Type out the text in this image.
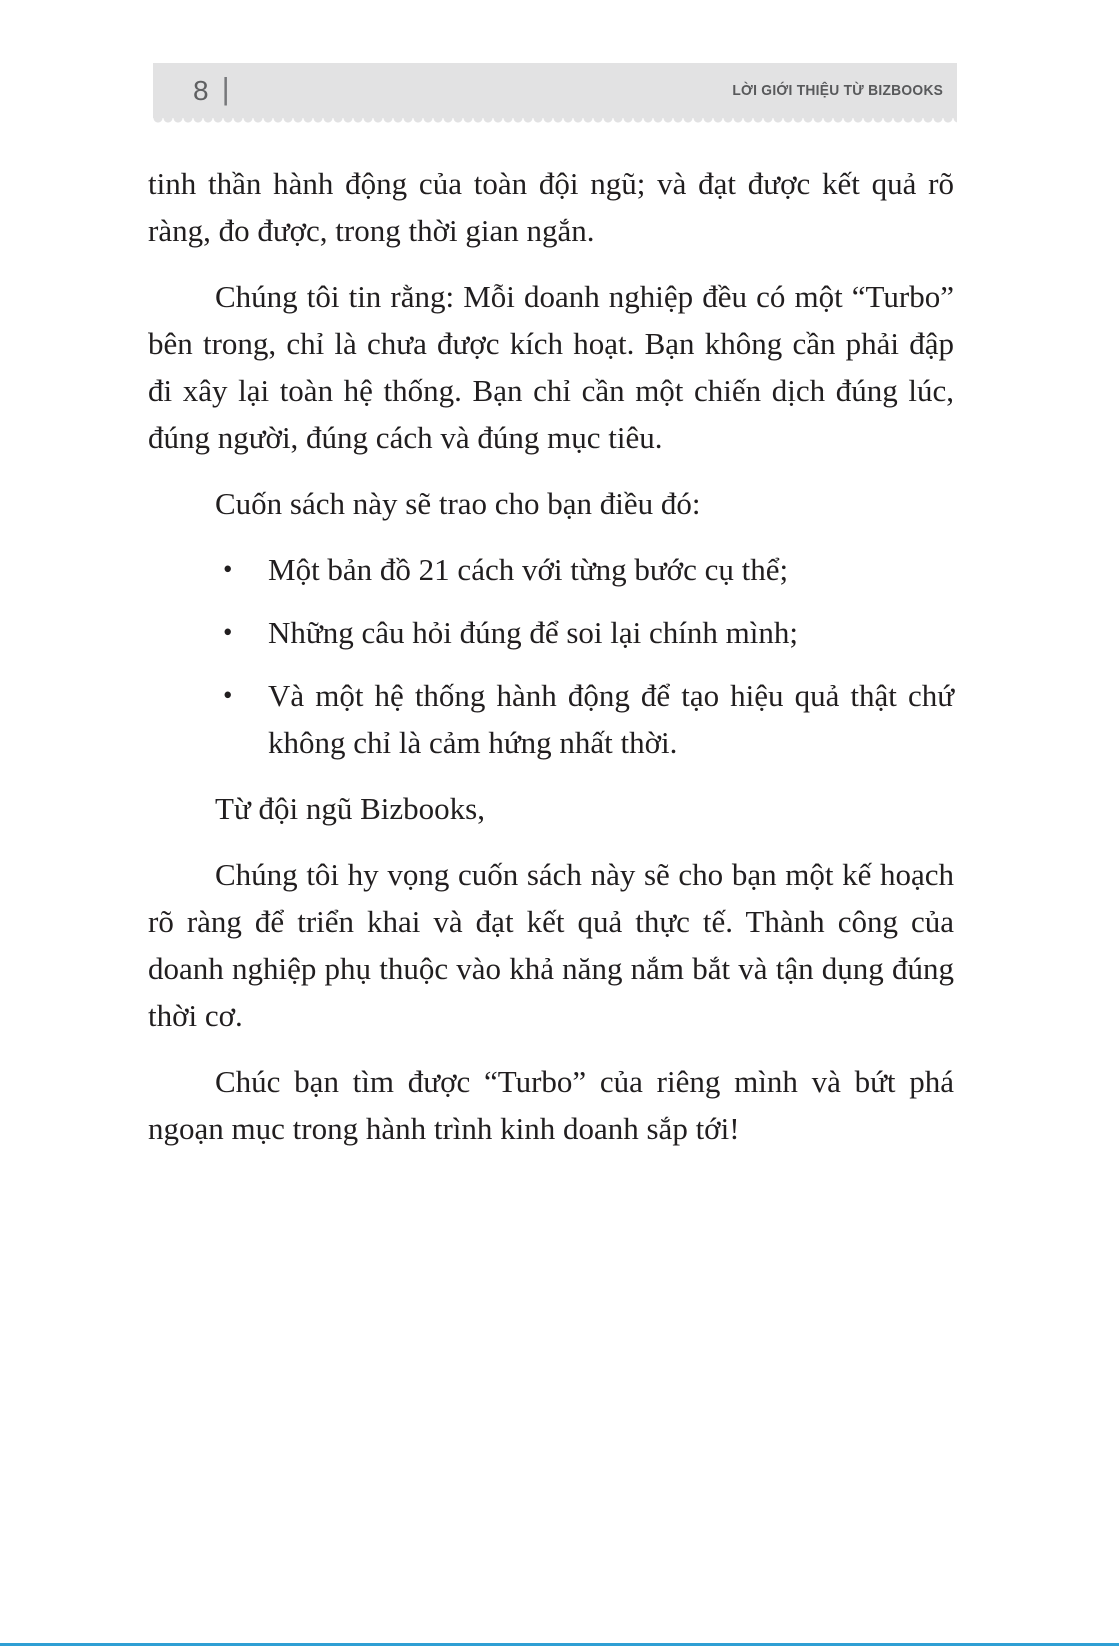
8 |	LỜI GIỚI THIỆU TỪ BIZBOOKS

tinh thần hành động của toàn đội ngũ; và đạt được kết quả rõ ràng, đo được, trong thời gian ngắn.

Chúng tôi tin rằng: Mỗi doanh nghiệp đều có một “Turbo” bên trong, chỉ là chưa được kích hoạt. Bạn không cần phải đập đi xây lại toàn hệ thống. Bạn chỉ cần một chiến dịch đúng lúc, đúng người, đúng cách và đúng mục tiêu.

Cuốn sách này sẽ trao cho bạn điều đó:

•	Một bản đồ 21 cách với từng bước cụ thể;
•	Những câu hỏi đúng để soi lại chính mình;
•	Và một hệ thống hành động để tạo hiệu quả thật chứ không chỉ là cảm hứng nhất thời.

Từ đội ngũ Bizbooks,

Chúng tôi hy vọng cuốn sách này sẽ cho bạn một kế hoạch rõ ràng để triển khai và đạt kết quả thực tế. Thành công của doanh nghiệp phụ thuộc vào khả năng nắm bắt và tận dụng đúng thời cơ.

Chúc bạn tìm được “Turbo” của riêng mình và bứt phá ngoạn mục trong hành trình kinh doanh sắp tới!
